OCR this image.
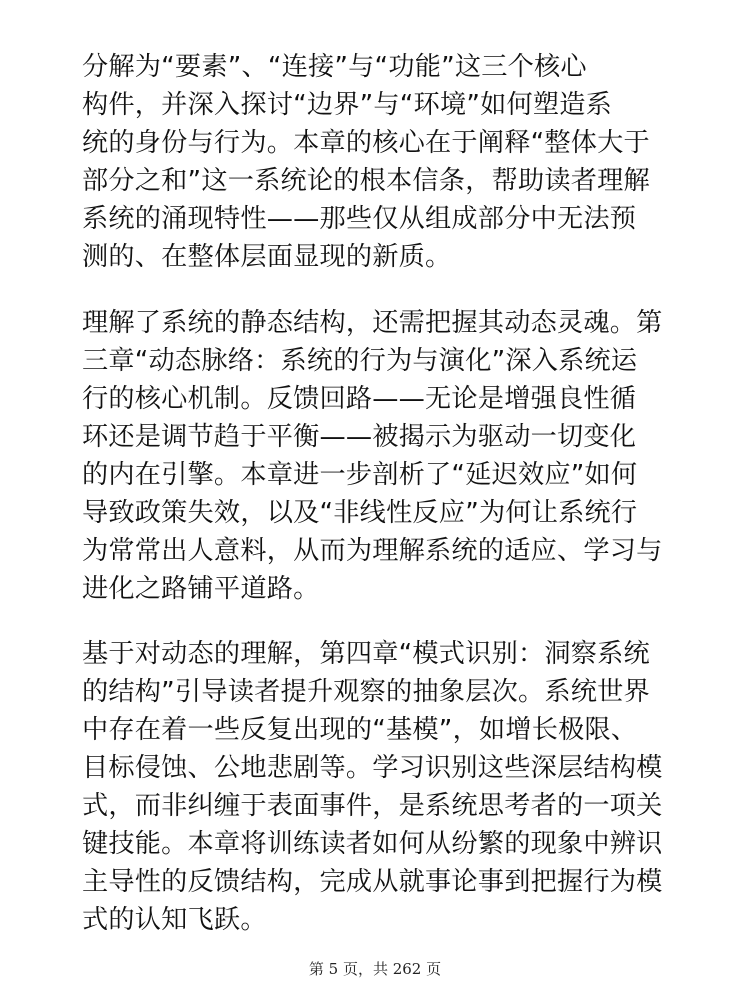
分解为“要素”、“连接”与“功能”这三个核心
构件，并深入探讨“边界”与“环境”如何塑造系
统的身份与行为。本章的核心在于阐释“整体大于
部分之和”这一系统论的根本信条，帮助读者理解
系统的涌现特性——那些仅从组成部分中无法预
测的、在整体层面显现的新质。
理解了系统的静态结构，还需把握其动态灵魂。第
三章“动态脉络：系统的行为与演化”深入系统运
行的核心机制。反馈回路——无论是增强良性循
环还是调节趋于平衡——被揭示为驱动一切变化
的内在引擎。本章进一步剖析了“延迟效应”如何
导致政策失效，以及“非线性反应”为何让系统行
为常常出人意料，从而为理解系统的适应、学习与
进化之路铺平道路。
基于对动态的理解，第四章“模式识别：洞察系统
的结构”引导读者提升观察的抽象层次。系统世界
中存在着一些反复出现的“基模”，如增长极限、
目标侵蚀、公地悲剧等。学习识别这些深层结构模
式，而非纠缠于表面事件，是系统思考者的一项关
键技能。本章将训练读者如何从纷繁的现象中辨识
主导性的反馈结构，完成从就事论事到把握行为模
式的认知飞跃。
第 5 页，共 262 页
